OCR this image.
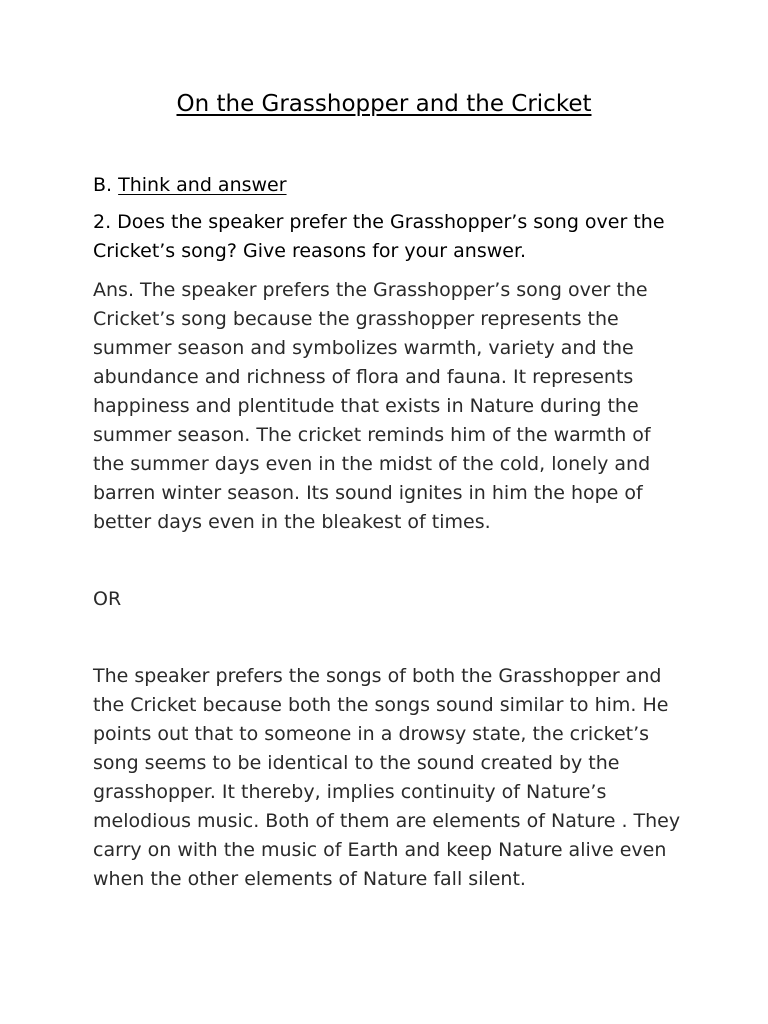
On the Grasshopper and the Cricket
B. Think and answer
2. Does the speaker prefer the Grasshopper’s song over the
Cricket’s song? Give reasons for your answer.
Ans. The speaker prefers the Grasshopper’s song over the
Cricket’s song because the grasshopper represents the
summer season and symbolizes warmth, variety and the
abundance and richness of flora and fauna. It represents
happiness and plentitude that exists in Nature during the
summer season. The cricket reminds him of the warmth of
the summer days even in the midst of the cold, lonely and
barren winter season. Its sound ignites in him the hope of
better days even in the bleakest of times.
OR
The speaker prefers the songs of both the Grasshopper and
the Cricket because both the songs sound similar to him. He
points out that to someone in a drowsy state, the cricket’s
song seems to be identical to the sound created by the
grasshopper. It thereby, implies continuity of Nature’s
melodious music. Both of them are elements of Nature . They
carry on with the music of Earth and keep Nature alive even
when the other elements of Nature fall silent.
